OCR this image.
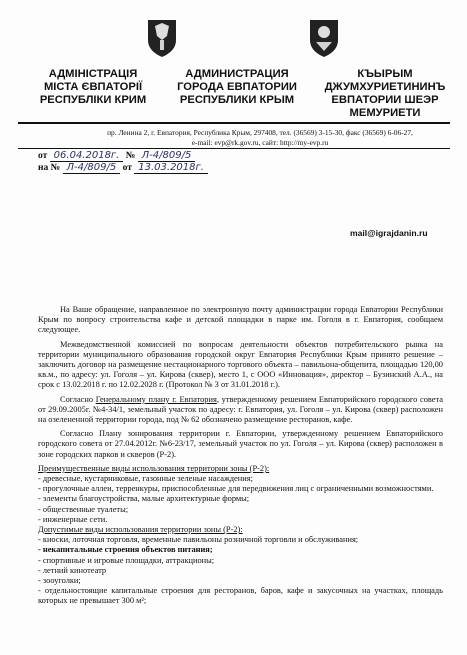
АДМІНІСТРАЦІЯ
МІСТА ЄВПАТОРІЇ
РЕСПУБЛІКИ КРИМ
АДМИНИСТРАЦИЯ
ГОРОДА ЕВПАТОРИИ
РЕСПУБЛИКИ КРЫМ
КЪЫРЫМ
ДЖУМХУРИЕТИНИНЪ
ЕВПАТОРИИ ШЕЭР
МЕМУРИЕТИ
пр. Ленина 2, г. Евпатория, Республика Крым, 297408, тел. (36569) 3-15-30, факс (36569) 6-06-27,
e-mail: evp@rk.gov.ru, сайт: http://my-evp.ru
от 06.04.2018г. № Л-4/809/5
на № Л-4/809/5 от 13.03.2018г.
mail@igrajdanin.ru

На Ваше обращение, направленное по электронную почту администрации города Евпатории Республики Крым по вопросу строительства кафе и детской площадки в парке им. Гоголя в г. Евпатория, сообщаем следующее.

Межведомственной комиссией по вопросам деятельности объектов потребительского рынка на территории муниципального образования городской округ Евпатория Республики Крым принято решение – заключить договор на размещение нестационарного торгового объекта – павильона-общепита, площадью 120,00 кв.м., по адресу: ул. Гоголя – ул. Кирова (сквер), место 1, с ООО «Инновация», директор – Бузинский А.А., на срок с 13.02.2018 г. по 12.02.2028 г. (Протокол № 3 от 31.01.2018 г.).

Согласно Генеральному плану г. Евпатория, утвержденному решением Евпаторийского городского совета от 29.09.2005г. №4-34/1, земельный участок по адресу: г. Евпатория, ул. Гоголя – ул. Кирова (сквер) расположен на озелененной территории города, под № 62 обозначено размещение ресторанов, кафе.

Согласно Плану зонирования территории г. Евпатории, утвержденному решением Евпаторийского городского совета от 27.04.2012г. №6-23/17, земельный участок по ул. Гоголя – ул. Кирова (сквер) расположен в зоне городских парков и скверов (Р-2).

Преимущественные виды использования территории зоны (Р-2):
- древесные, кустарниковые, газонные зеленые насаждения;
- прогулочные аллеи, терренкуры, приспособленные для передвижения лиц с ограниченными возможностями.
- элементы благоустройства, малые архитектурные формы;
- общественные туалеты;
- инженерные сети.
Допустимые виды использования территории зоны (Р-2):
- киоски, лоточная торговля, временные павильоны розничной торговли и обслуживания;
- некапитальные строения объектов питания;
- спортивные и игровые площадки, аттракционы;
- летний кинотеатр
- зооуголки;
- отдельностоящие капитальные строения для ресторанов, баров, кафе и закусочных на участках, площадь которых не превышает 300 м²;
